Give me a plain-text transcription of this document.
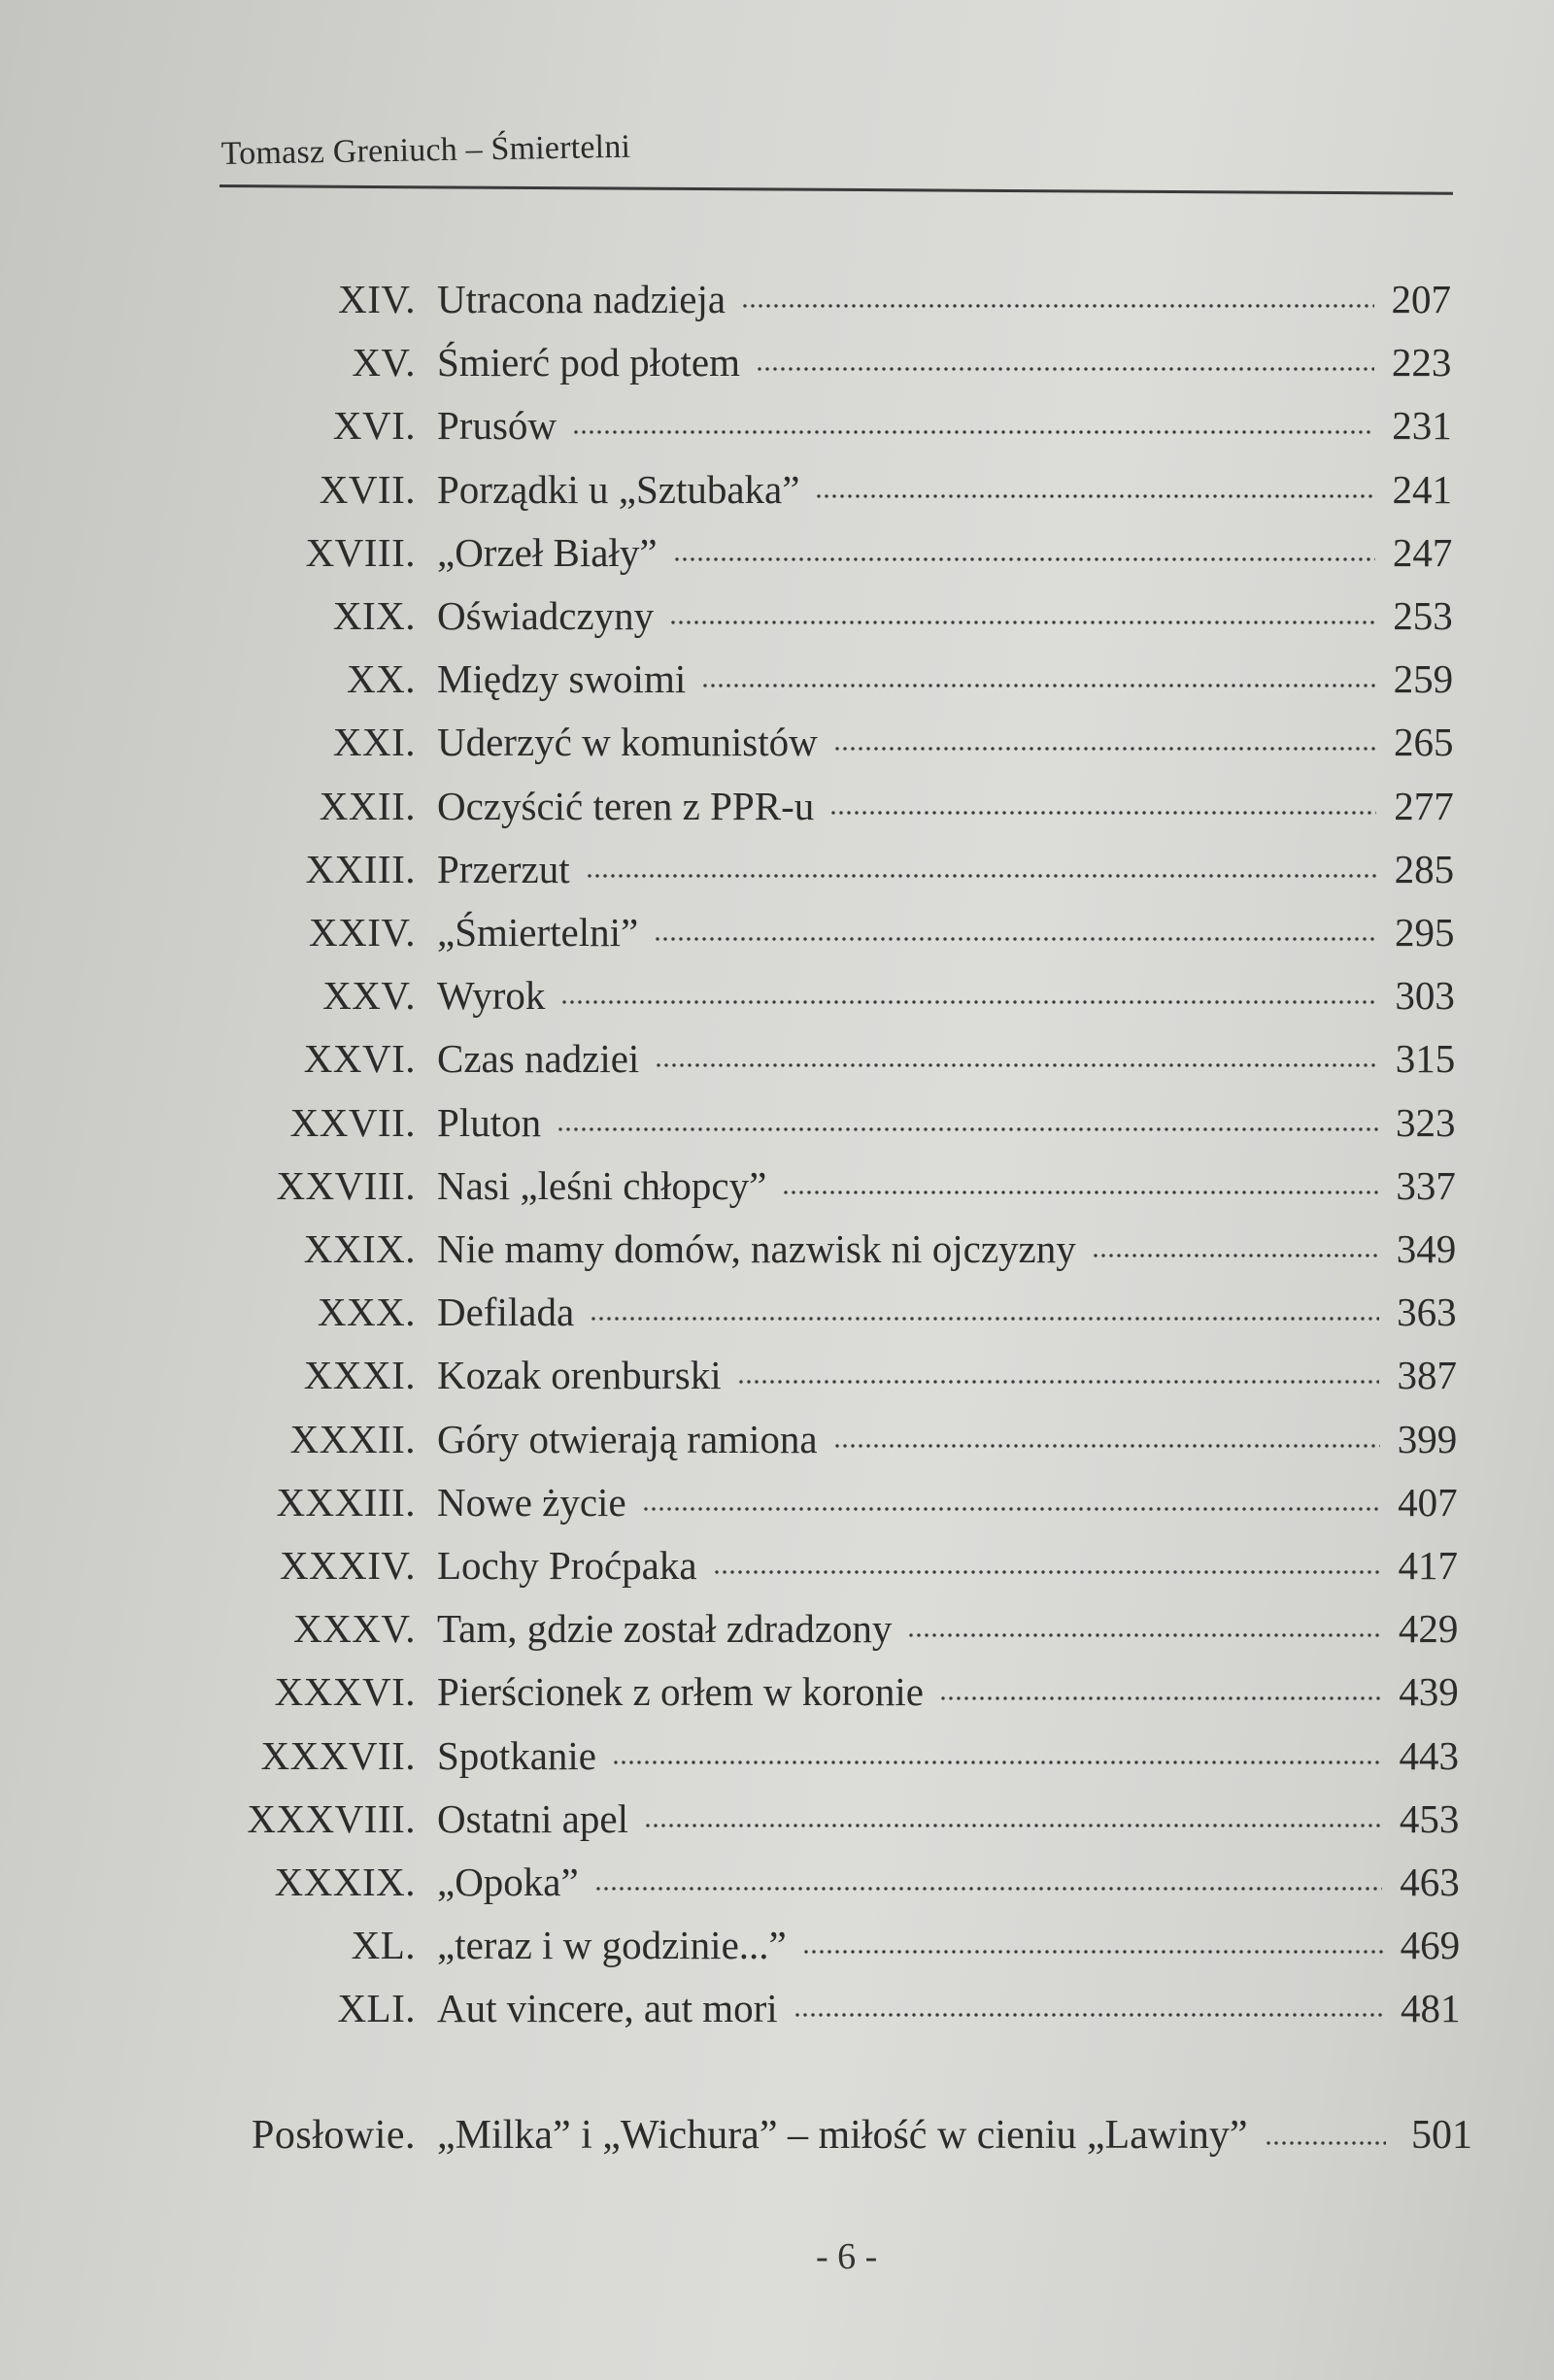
Tomasz Greniuch – Śmiertelni
XIV. Utracona nadzieja	207
XV. Śmierć pod płotem	223
XVI. Prusów	231
XVII. Porządki u „Sztubaka”	241
XVIII. „Orzeł Biały”	247
XIX. Oświadczyny	253
XX. Między swoimi	259
XXI. Uderzyć w komunistów	265
XXII. Oczyścić teren z PPR-u	277
XXIII. Przerzut	285
XXIV. „Śmiertelni”	295
XXV. Wyrok	303
XXVI. Czas nadziei	315
XXVII. Pluton	323
XXVIII. Nasi „leśni chłopcy”	337
XXIX. Nie mamy domów, nazwisk ni ojczyzny	349
XXX. Defilada	363
XXXI. Kozak orenburski	387
XXXII. Góry otwierają ramiona	399
XXXIII. Nowe życie	407
XXXIV. Lochy Proćpaka	417
XXXV. Tam, gdzie został zdradzony	429
XXXVI. Pierścionek z orłem w koronie	439
XXXVII. Spotkanie	443
XXXVIII. Ostatni apel	453
XXXIX. „Opoka”	463
XL. „teraz i w godzinie...”	469
XLI. Aut vincere, aut mori	481
Posłowie. „Milka” i „Wichura” – miłość w cieniu „Lawiny”	501
- 6 -
